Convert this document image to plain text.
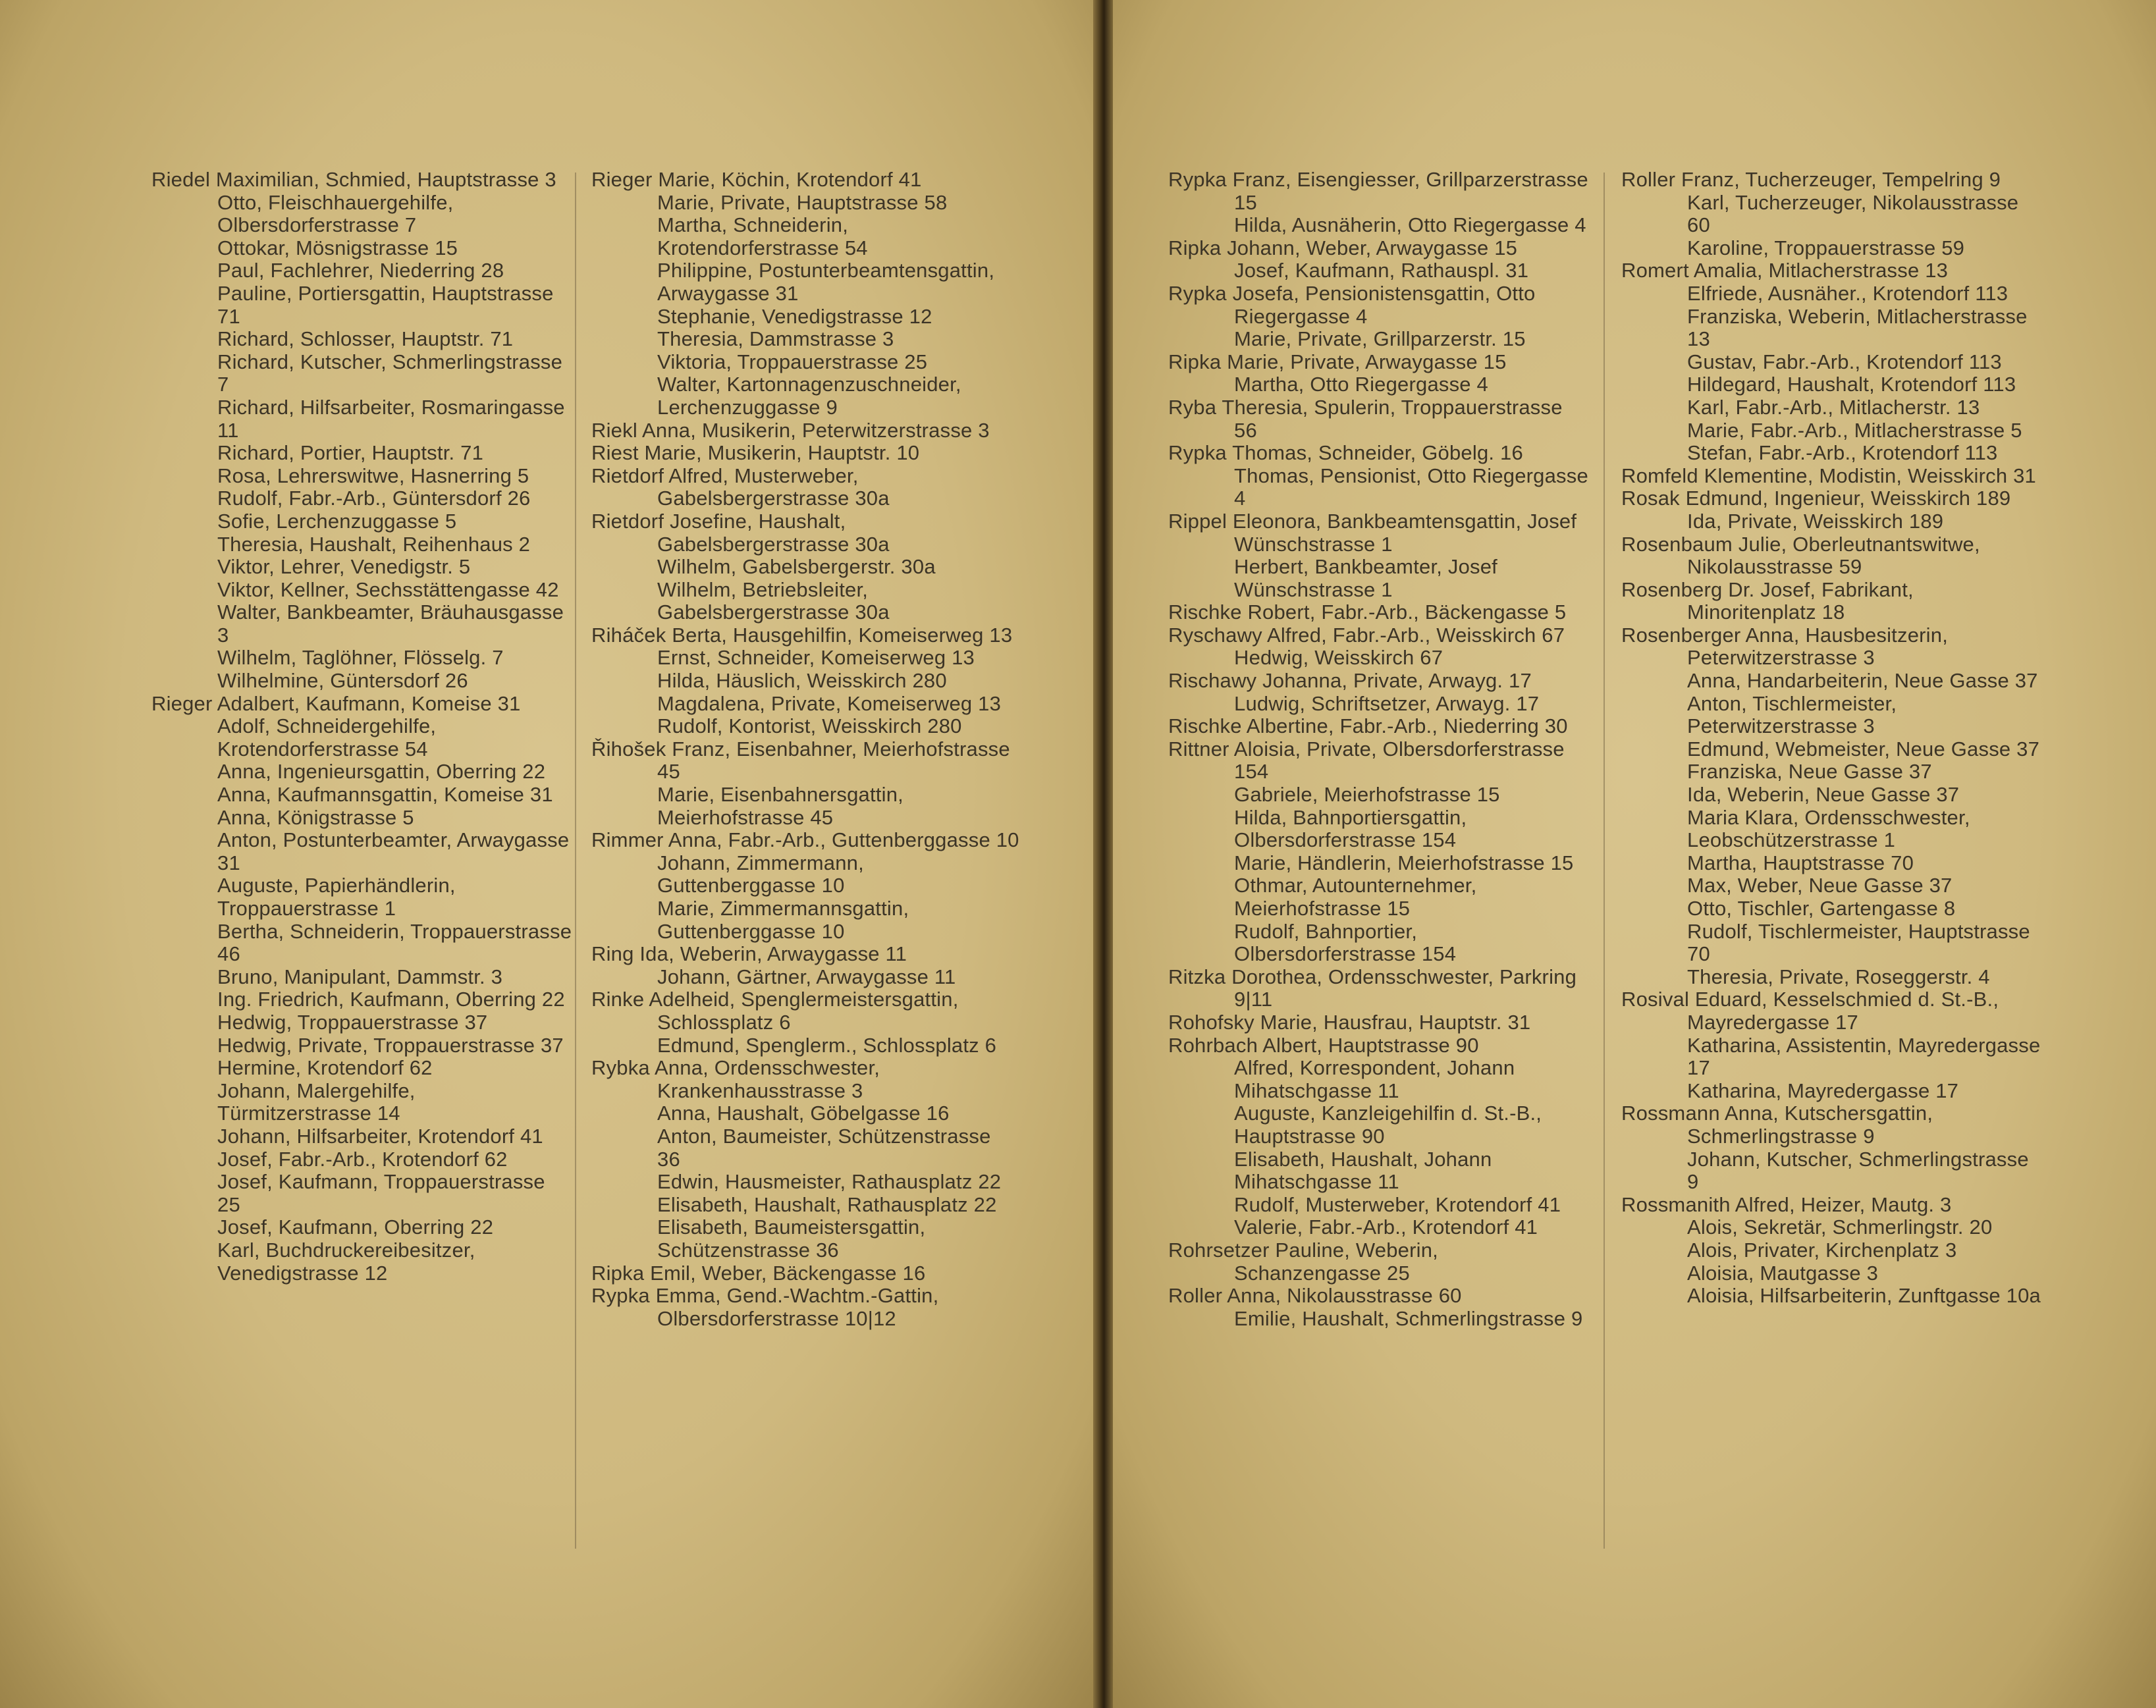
Riedel Maximilian, Schmied, Hauptstrasse 3

Otto, Fleischhauergehilfe, Olbersdorferstrasse 7

Ottokar, Mösnigstrasse 15

Paul, Fachlehrer, Niederring 28

Pauline, Portiersgattin, Hauptstrasse 71

Richard, Schlosser, Hauptstr. 71

Richard, Kutscher, Schmerlingstrasse 7

Richard, Hilfsarbeiter, Rosmaringasse 11

Richard, Portier, Hauptstr. 71

Rosa, Lehrerswitwe, Hasnerring 5

Rudolf, Fabr.-Arb., Güntersdorf 26

Sofie, Lerchenzuggasse 5

Theresia, Haushalt, Reihenhaus 2

Viktor, Lehrer, Venedigstr. 5

Viktor, Kellner, Sechsstättengasse 42

Walter, Bankbeamter, Bräuhausgasse 3

Wilhelm, Taglöhner, Flösselg. 7

Wilhelmine, Güntersdorf 26

Rieger Adalbert, Kaufmann, Komeise 31

Adolf, Schneidergehilfe, Krotendorferstrasse 54

Anna, Ingenieursgattin, Oberring 22

Anna, Kaufmannsgattin, Komeise 31

Anna, Königstrasse 5

Anton, Postunterbeamter, Arwaygasse 31

Auguste, Papierhändlerin, Troppauerstrasse 1

Bertha, Schneiderin, Troppauerstrasse 46

Bruno, Manipulant, Dammstr. 3

Ing. Friedrich, Kaufmann, Oberring 22

Hedwig, Troppauerstrasse 37

Hedwig, Private, Troppauerstrasse 37

Hermine, Krotendorf 62

Johann, Malergehilfe, Türmitzerstrasse 14

Johann, Hilfsarbeiter, Krotendorf 41

Josef, Fabr.-Arb., Krotendorf 62

Josef, Kaufmann, Troppauerstrasse 25

Josef, Kaufmann, Oberring 22

Karl, Buchdruckereibesitzer, Venedigstrasse 12

Rieger Marie, Köchin, Krotendorf 41

Marie, Private, Hauptstrasse 58

Martha, Schneiderin, Krotendorferstrasse 54

Philippine, Postunterbeamtensgattin, Arwaygasse 31

Stephanie, Venedigstrasse 12

Theresia, Dammstrasse 3

Viktoria, Troppauerstrasse 25

Walter, Kartonnagenzuschneider, Lerchenzuggasse 9

Riekl Anna, Musikerin, Peterwitzerstrasse 3

Riest Marie, Musikerin, Hauptstr. 10

Rietdorf Alfred, Musterweber, Gabelsbergerstrasse 30a

Rietdorf Josefine, Haushalt, Gabelsbergerstrasse 30a

Wilhelm, Gabelsbergerstr. 30a

Wilhelm, Betriebsleiter, Gabelsbergerstrasse 30a

Riháček Berta, Hausgehilfin, Komeiserweg 13

Ernst, Schneider, Komeiserweg 13

Hilda, Häuslich, Weisskirch 280

Magdalena, Private, Komeiserweg 13

Rudolf, Kontorist, Weisskirch 280

Řihošek Franz, Eisenbahner, Meierhofstrasse 45

Marie, Eisenbahnersgattin, Meierhofstrasse 45

Rimmer Anna, Fabr.-Arb., Guttenberggasse 10

Johann, Zimmermann, Guttenberggasse 10

Marie, Zimmermannsgattin, Guttenberggasse 10

Ring Ida, Weberin, Arwaygasse 11

Johann, Gärtner, Arwaygasse 11

Rinke Adelheid, Spenglermeistersgattin, Schlossplatz 6

Edmund, Spenglerm., Schlossplatz 6

Rybka Anna, Ordensschwester, Krankenhausstrasse 3

Anna, Haushalt, Göbelgasse 16

Anton, Baumeister, Schützenstrasse 36

Edwin, Hausmeister, Rathausplatz 22

Elisabeth, Haushalt, Rathausplatz 22

Elisabeth, Baumeistersgattin, Schützenstrasse 36

Ripka Emil, Weber, Bäckengasse 16

Rypka Emma, Gend.-Wachtm.-Gattin, Olbersdorferstrasse 10|12

Rypka Franz, Eisengiesser, Grillparzerstrasse 15

Hilda, Ausnäherin, Otto Riegergasse 4

Ripka Johann, Weber, Arwaygasse 15

Josef, Kaufmann, Rathauspl. 31

Rypka Josefa, Pensionistensgattin, Otto Riegergasse 4

Marie, Private, Grillparzerstr. 15

Ripka Marie, Private, Arwaygasse 15

Martha, Otto Riegergasse 4

Ryba Theresia, Spulerin, Troppauerstrasse 56

Rypka Thomas, Schneider, Göbelg. 16

Thomas, Pensionist, Otto Riegergasse 4

Rippel Eleonora, Bankbeamtensgattin, Josef Wünschstrasse 1

Herbert, Bankbeamter, Josef Wünschstrasse 1

Rischke Robert, Fabr.-Arb., Bäckengasse 5

Ryschawy Alfred, Fabr.-Arb., Weisskirch 67

Hedwig, Weisskirch 67

Rischawy Johanna, Private, Arwayg. 17

Ludwig, Schriftsetzer, Arwayg. 17

Rischke Albertine, Fabr.-Arb., Niederring 30

Rittner Aloisia, Private, Olbersdorferstrasse 154

Gabriele, Meierhofstrasse 15

Hilda, Bahnportiersgattin, Olbersdorferstrasse 154

Marie, Händlerin, Meierhofstrasse 15

Othmar, Autounternehmer, Meierhofstrasse 15

Rudolf, Bahnportier, Olbersdorferstrasse 154

Ritzka Dorothea, Ordensschwester, Parkring 9|11

Rohofsky Marie, Hausfrau, Hauptstr. 31

Rohrbach Albert, Hauptstrasse 90

Alfred, Korrespondent, Johann Mihatschgasse 11

Auguste, Kanzleigehilfin d. St.-B., Hauptstrasse 90

Elisabeth, Haushalt, Johann Mihatschgasse 11

Rudolf, Musterweber, Krotendorf 41

Valerie, Fabr.-Arb., Krotendorf 41

Rohrsetzer Pauline, Weberin, Schanzengasse 25

Roller Anna, Nikolausstrasse 60

Emilie, Haushalt, Schmerlingstrasse 9

Roller Franz, Tucherzeuger, Tempelring 9

Karl, Tucherzeuger, Nikolausstrasse 60

Karoline, Troppauerstrasse 59

Romert Amalia, Mitlacherstrasse 13

Elfriede, Ausnäher., Krotendorf 113

Franziska, Weberin, Mitlacherstrasse 13

Gustav, Fabr.-Arb., Krotendorf 113

Hildegard, Haushalt, Krotendorf 113

Karl, Fabr.-Arb., Mitlacherstr. 13

Marie, Fabr.-Arb., Mitlacherstrasse 5

Stefan, Fabr.-Arb., Krotendorf 113

Romfeld Klementine, Modistin, Weisskirch 31

Rosak Edmund, Ingenieur, Weisskirch 189

Ida, Private, Weisskirch 189

Rosenbaum Julie, Oberleutnantswitwe, Nikolausstrasse 59

Rosenberg Dr. Josef, Fabrikant, Minoritenplatz 18

Rosenberger Anna, Hausbesitzerin, Peterwitzerstrasse 3

Anna, Handarbeiterin, Neue Gasse 37

Anton, Tischlermeister, Peterwitzerstrasse 3

Edmund, Webmeister, Neue Gasse 37

Franziska, Neue Gasse 37

Ida, Weberin, Neue Gasse 37

Maria Klara, Ordensschwester, Leobschützerstrasse 1

Martha, Hauptstrasse 70

Max, Weber, Neue Gasse 37

Otto, Tischler, Gartengasse 8

Rudolf, Tischlermeister, Hauptstrasse 70

Theresia, Private, Roseggerstr. 4

Rosival Eduard, Kesselschmied d. St.-B., Mayredergasse 17

Katharina, Assistentin, Mayredergasse 17

Katharina, Mayredergasse 17

Rossmann Anna, Kutschersgattin, Schmerlingstrasse 9

Johann, Kutscher, Schmerlingstrasse 9

Rossmanith Alfred, Heizer, Mautg. 3

Alois, Sekretär, Schmerlingstr. 20

Alois, Privater, Kirchenplatz 3

Aloisia, Mautgasse 3

Aloisia, Hilfsarbeiterin, Zunftgasse 10a
